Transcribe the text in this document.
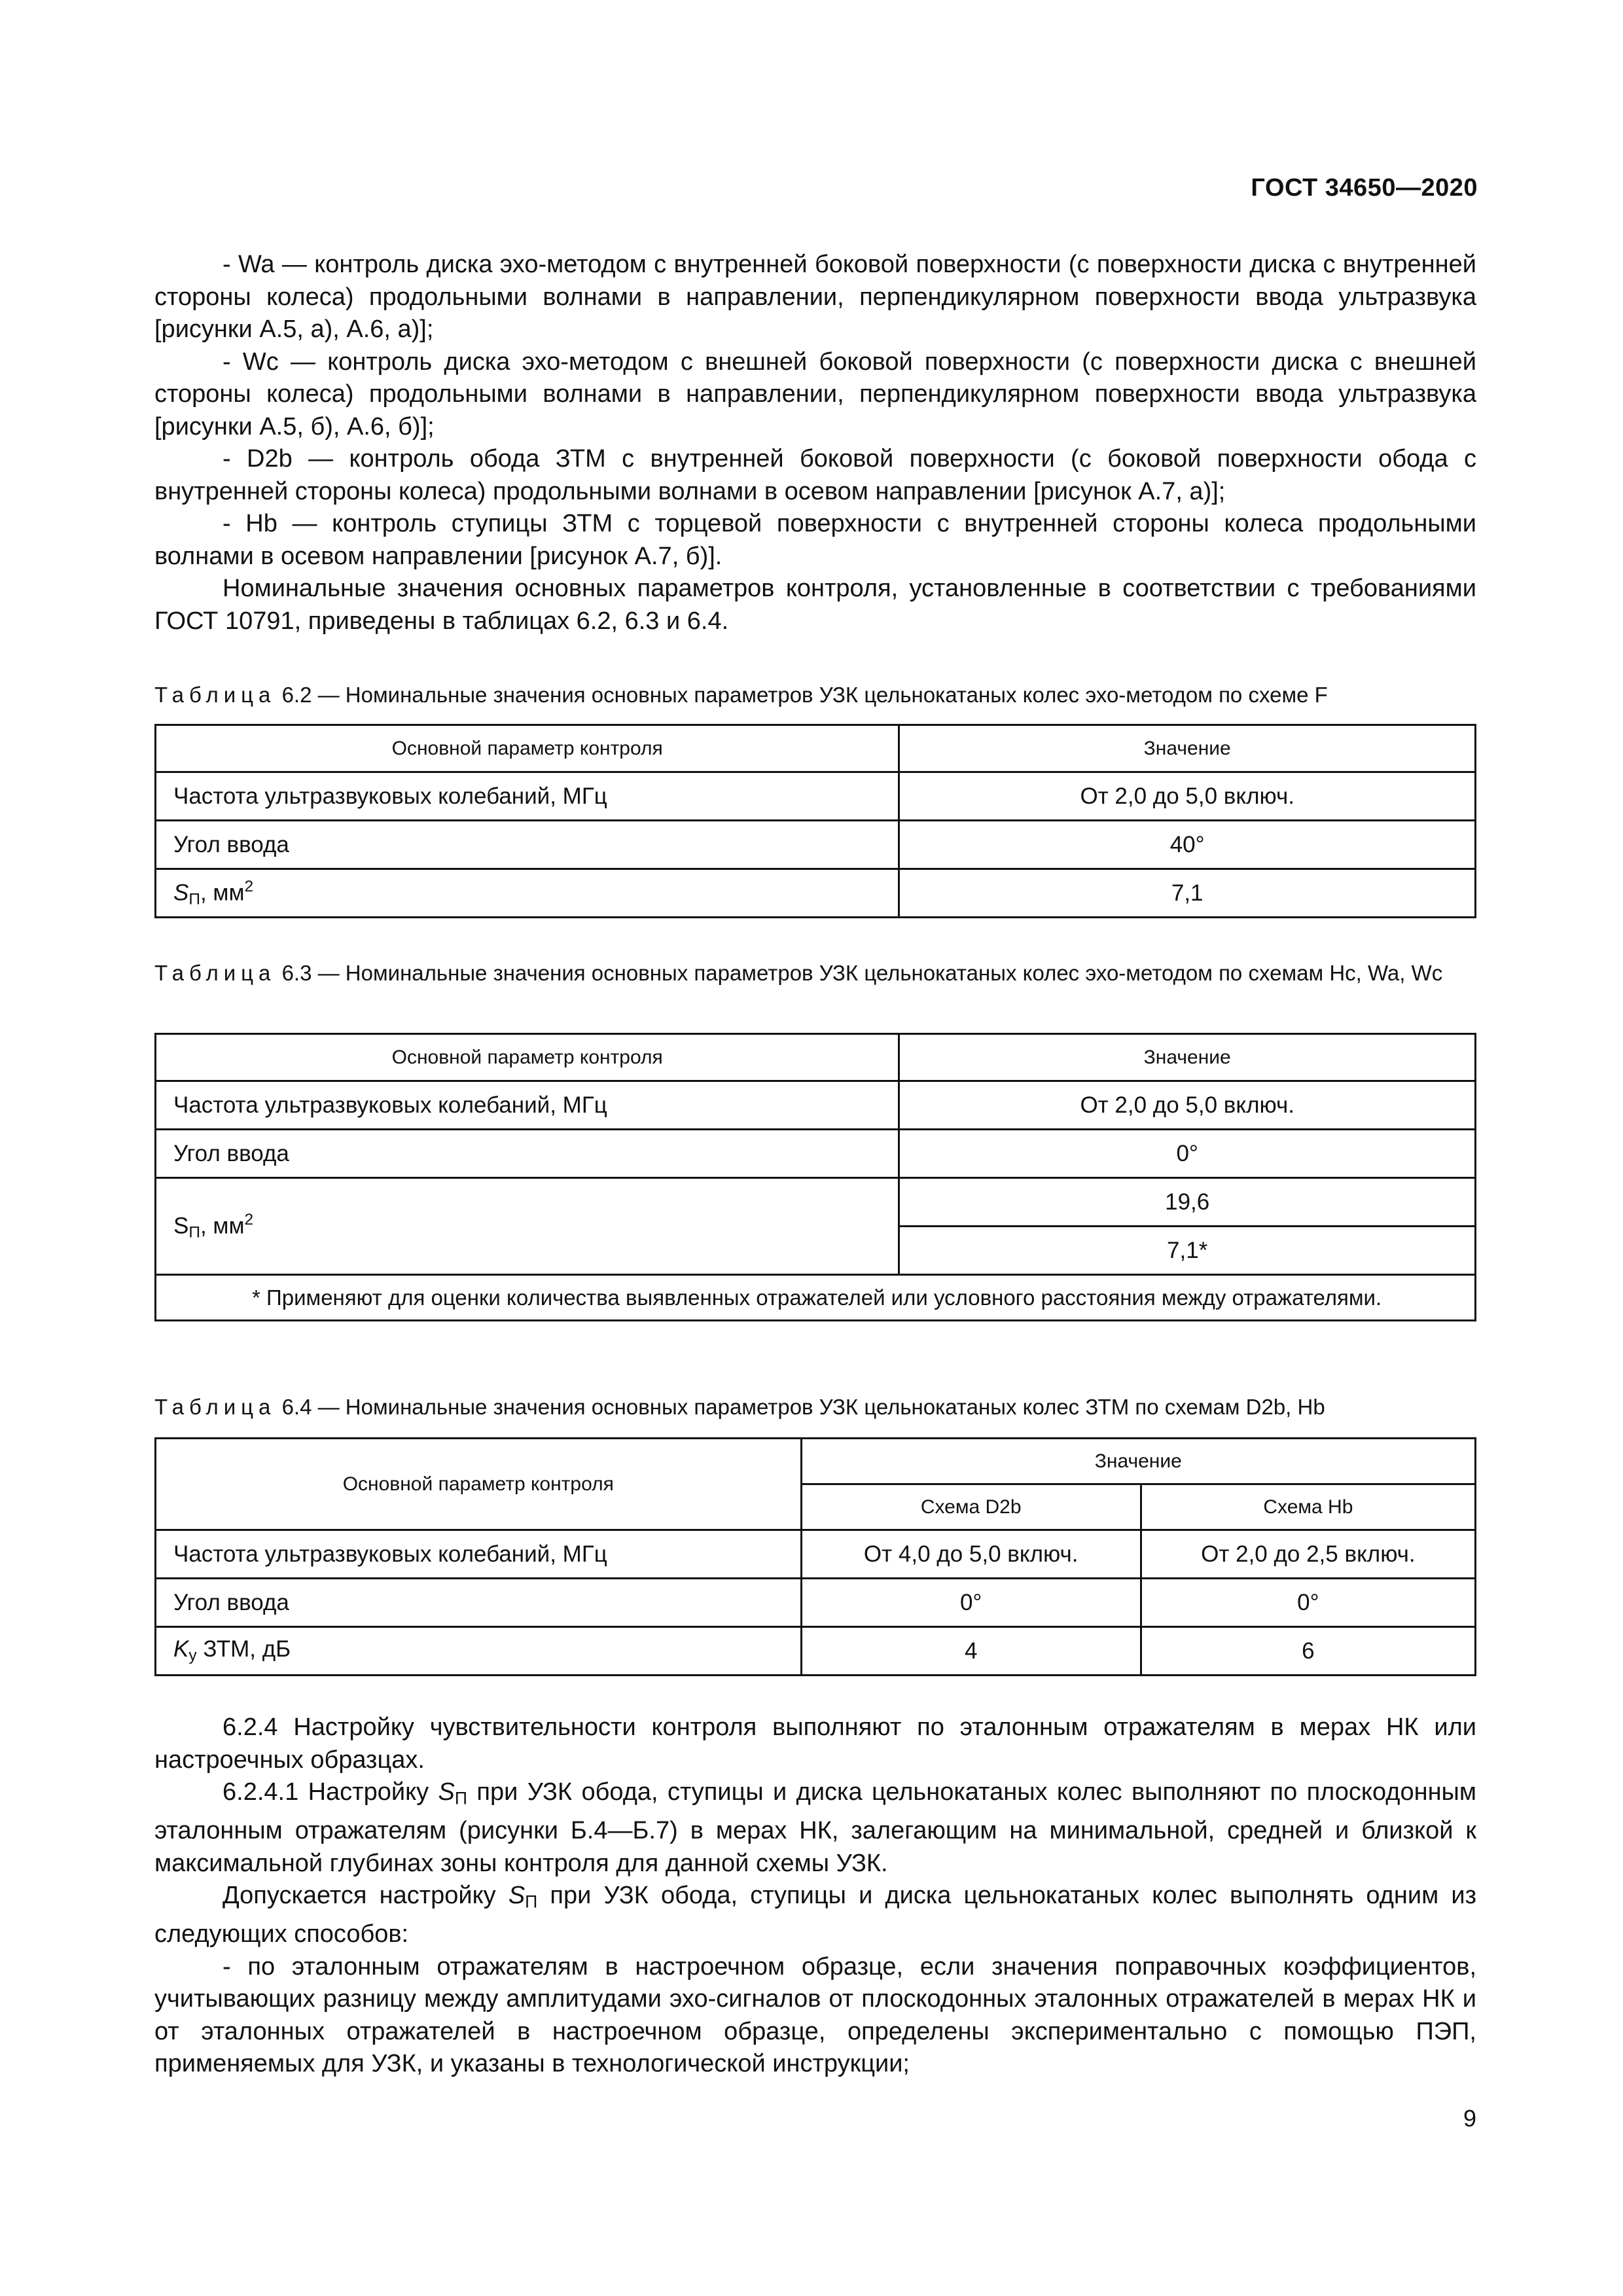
ГОСТ 34650—2020

- Wa — контроль диска эхо-методом с внутренней боковой поверхности (с поверхности диска с внутренней стороны колеса) продольными волнами в направлении, перпендикулярном поверхности ввода ультразвука [рисунки А.5, а), А.6, а)];

- Wc — контроль диска эхо-методом с внешней боковой поверхности (с поверхности диска с внешней стороны колеса) продольными волнами в направлении, перпендикулярном поверхности ввода ультразвука [рисунки А.5, б), А.6, б)];

- D2b — контроль обода ЗТМ с внутренней боковой поверхности (с боковой поверхности обода с внутренней стороны колеса) продольными волнами в осевом направлении [рисунок А.7, а)];

- Hb — контроль ступицы ЗТМ с торцевой поверхности с внутренней стороны колеса продольными волнами в осевом направлении [рисунок А.7, б)].

Номинальные значения основных параметров контроля, установленные в соответствии с требованиями ГОСТ 10791, приведены в таблицах 6.2, 6.3 и 6.4.

Таблица 6.2 — Номинальные значения основных параметров УЗК цельнокатаных колес эхо-методом по схеме F
Основной параметр контроля	Значение
Частота ультразвуковых колебаний, МГц	От 2,0 до 5,0 включ.
Угол ввода	40°
$S_П$, $мм^2$	7,1
Таблица 6.3 — Номинальные значения основных параметров УЗК цельнокатаных колес эхо-методом по схемам Hc, Wa, Wc
Основной параметр контроля	Значение
Частота ультразвуковых колебаний, МГц	От 2,0 до 5,0 включ.
Угол ввода	0°
$S_П$, $мм^2$	19,6
	7,1*
* Применяют для оценки количества выявленных отражателей или условного расстояния между отражателями.	
Таблица 6.4 — Номинальные значения основных параметров УЗК цельнокатаных колес ЗТМ по схемам D2b, Hb
Основной параметр контроля	Значение	
	Схема D2b	Схема Hb
Частота ультразвуковых колебаний, МГц	От 4,0 до 5,0 включ.	От 2,0 до 2,5 включ.
Угол ввода	0°	0°
$K_у$ ЗТМ, дБ	4	6

6.2.4 Настройку чувствительности контроля выполняют по эталонным отражателям в мерах НК или настроечных образцах.

6.2.4.1 Настройку $S_П$ при УЗК обода, ступицы и диска цельнокатаных колес выполняют по плоскодонным эталонным отражателям (рисунки Б.4—Б.7) в мерах НК, залегающим на минимальной, средней и близкой к максимальной глубинах зоны контроля для данной схемы УЗК.

Допускается настройку $S_П$ при УЗК обода, ступицы и диска цельнокатаных колес выполнять одним из следующих способов:

- по эталонным отражателям в настроечном образце, если значения поправочных коэффициентов, учитывающих разницу между амплитудами эхо-сигналов от плоскодонных эталонных отражателей в мерах НК и от эталонных отражателей в настроечном образце, определены экспериментально с помощью ПЭП, применяемых для УЗК, и указаны в технологической инструкции;

9
